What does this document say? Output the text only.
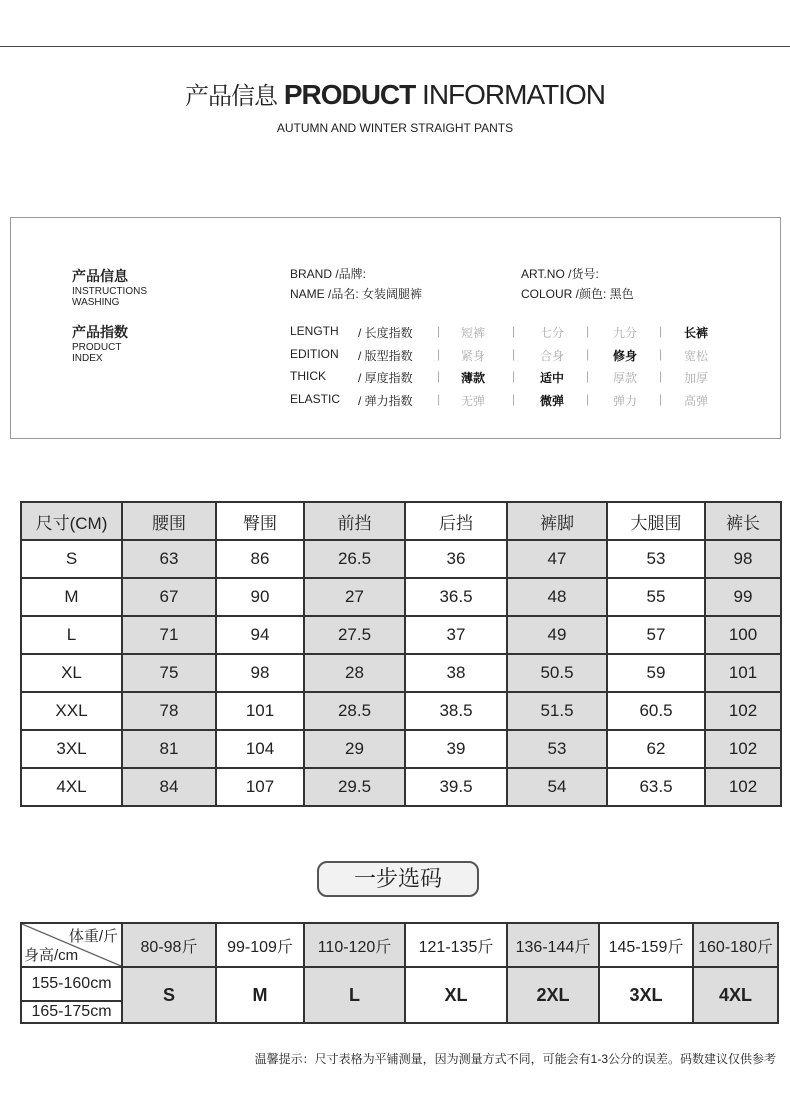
产品信息 PRODUCT INFORMATION
AUTUMN AND WINTER STRAIGHT PANTS
产品信息
INSTRUCTIONS
WASHING
产品指数
PRODUCT
INDEX
BRAND /品牌:
NAME /品名: 女装阔腿裤
ART.NO /货号:
COLOUR /颜色: 黑色
LENGTH / 长度指数 | 短裤 | 七分 | 九分 | 长裤
EDITION / 版型指数 | 紧身 | 合身 | 修身 | 宽松
THICK	/ 厚度指数 | 薄款 | 适中 | 厚款 | 加厚
ELASTIC / 弹力指数 | 无弹 | 微弹 | 弹力 | 高弹
尺寸(CM)	腰围	臀围	前挡	后挡	裤脚	大腿围	裤长
S	63	86	26.5	36	47	53	98
M	67	90	27	36.5	48	55	99
L	71	94	27.5	37	49	57	100
XL	75	98	28	38	50.5	59	101
XXL	78	101	28.5	38.5	51.5	60.5	102
3XL	81	104	29	39	53	62	102
4XL	84	107	29.5	39.5	54	63.5	102
一步选码
体重/斤
身高/cm	80-98斤	99-109斤	110-120斤	121-135斤	136-144斤	145-159斤	160-180斤
155-160cm	S	M	L	XL	2XL	3XL	4XL
165-175cm							
温馨提示：尺寸表格为平铺测量，因为测量方式不同，可能会有1-3公分的误差。码数建议仅供参考
